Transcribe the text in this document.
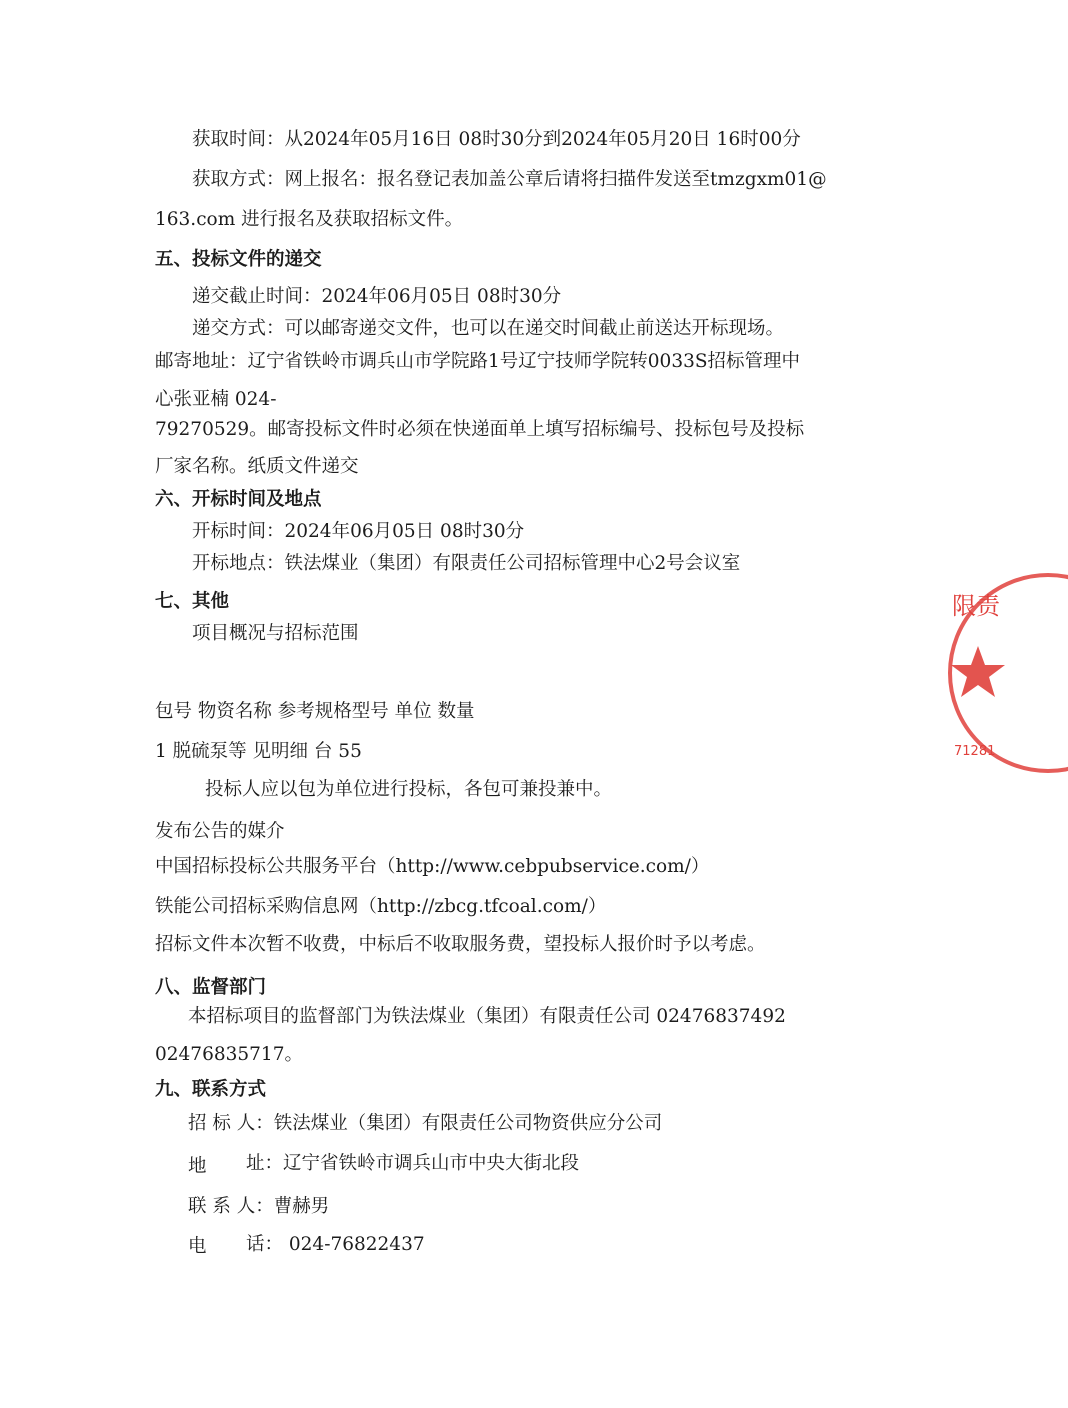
获取时间：从2024年05月16日 08时30分到2024年05月20日 16时00分
获取方式：网上报名：报名登记表加盖公章后请将扫描件发送至tmzgxm01@
163.com 进行报名及获取招标文件。
五、投标文件的递交
递交截止时间：2024年06月05日 08时30分
递交方式：可以邮寄递交文件，也可以在递交时间截止前送达开标现场。
邮寄地址：辽宁省铁岭市调兵山市学院路1号辽宁技师学院转0033S招标管理中
心张亚楠 024-
79270529。邮寄投标文件时必须在快递面单上填写招标编号、投标包号及投标
厂家名称。纸质文件递交
六、开标时间及地点
开标时间：2024年06月05日 08时30分
开标地点：铁法煤业（集团）有限责任公司招标管理中心2号会议室
七、其他
项目概况与招标范围
包号 物资名称 参考规格型号 单位 数量
1 脱硫泵等 见明细 台 55
投标人应以包为单位进行投标，各包可兼投兼中。
发布公告的媒介
中国招标投标公共服务平台（http://www.cebpubservice.com/）
铁能公司招标采购信息网（http://zbcg.tfcoal.com/）
招标文件本次暂不收费，中标后不收取服务费，望投标人报价时予以考虑。
八、监督部门
本招标项目的监督部门为铁法煤业（集团）有限责任公司 02476837492
02476835717。
九、联系方式
招 标 人：铁法煤业（集团）有限责任公司物资供应分公司
地 址：辽宁省铁岭市调兵山市中央大街北段
联 系 人：曹赫男
电 话： 024-76822437
限责
71281
